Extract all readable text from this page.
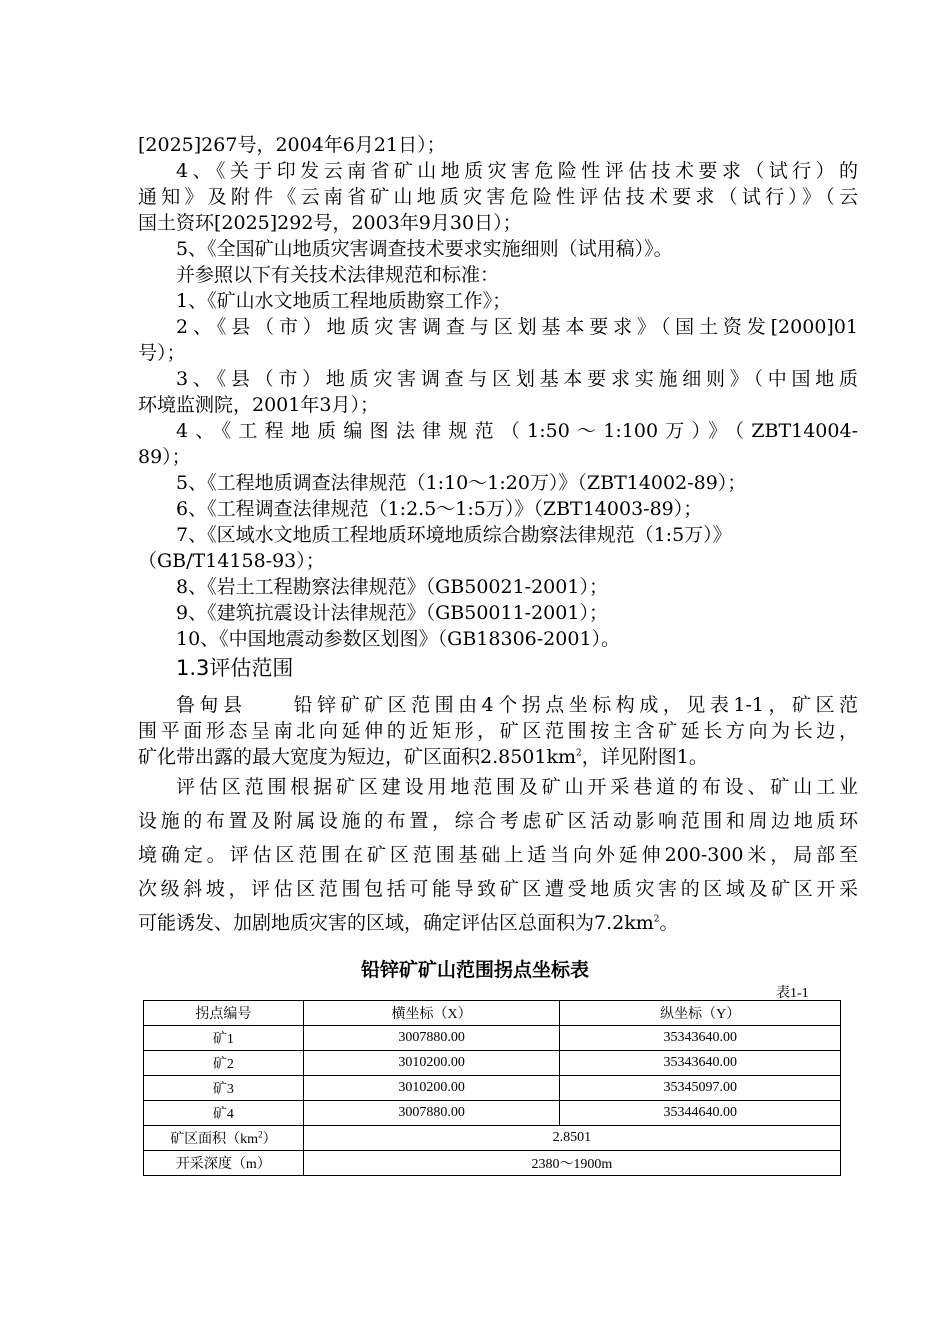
[2025]267号，2004年6月21日）；
4、《关于印发云南省矿山地质灾害危险性评估技术要求（试行）的
通知》及附件《云南省矿山地质灾害危险性评估技术要求（试行）》（云
国土资环[2025]292号，2003年9月30日）；
5、《全国矿山地质灾害调查技术要求实施细则（试用稿）》。
并参照以下有关技术法律规范和标准：
1、《矿山水文地质工程地质勘察工作》；
2、《县（市）地质灾害调查与区划基本要求》（国土资发[2000]01
号）；
3、《县（市）地质灾害调查与区划基本要求实施细则》（中国地质
环境监测院，2001年3月）；
4、《工程地质编图法律规范（1:50～1:100万）》（ZBT14004-
89）；
5、《工程地质调查法律规范（1:10～1:20万）》（ZBT14002-89）；
6、《工程调查法律规范（1:2.5～1:5万）》（ZBT14003-89）；
7、《区域水文地质工程地质环境地质综合勘察法律规范（1:5万）》
（GB/T14158-93）；
8、《岩土工程勘察法律规范》（GB50021-2001）；
9、《建筑抗震设计法律规范》（GB50011-2001）；
10、《中国地震动参数区划图》（GB18306-2001）。
1.3评估范围
鲁甸县　　铅锌矿矿区范围由4个拐点坐标构成，见表1-1，矿区范
围平面形态呈南北向延伸的近矩形，矿区范围按主含矿延长方向为长边，
矿化带出露的最大宽度为短边，矿区面积$2.8501km^2$，详见附图1。
评估区范围根据矿区建设用地范围及矿山开采巷道的布设、矿山工业
设施的布置及附属设施的布置，综合考虑矿区活动影响范围和周边地质环
境确定。评估区范围在矿区范围基础上适当向外延伸200-300米，局部至
次级斜坡，评估区范围包括可能导致矿区遭受地质灾害的区域及矿区开采
可能诱发、加剧地质灾害的区域，确定评估区总面积为$7.2km^2$。
铅锌矿矿山范围拐点坐标表
表1-1
拐点编号	横坐标（X）	纵坐标（Y）
矿1	3007880.00	35343640.00
矿2	3010200.00	35343640.00
矿3	3010200.00	35345097.00
矿4	3007880.00	35344640.00
矿区面积$(km^2)$	2.8501	
开采深度（m）	2380～1900m	
